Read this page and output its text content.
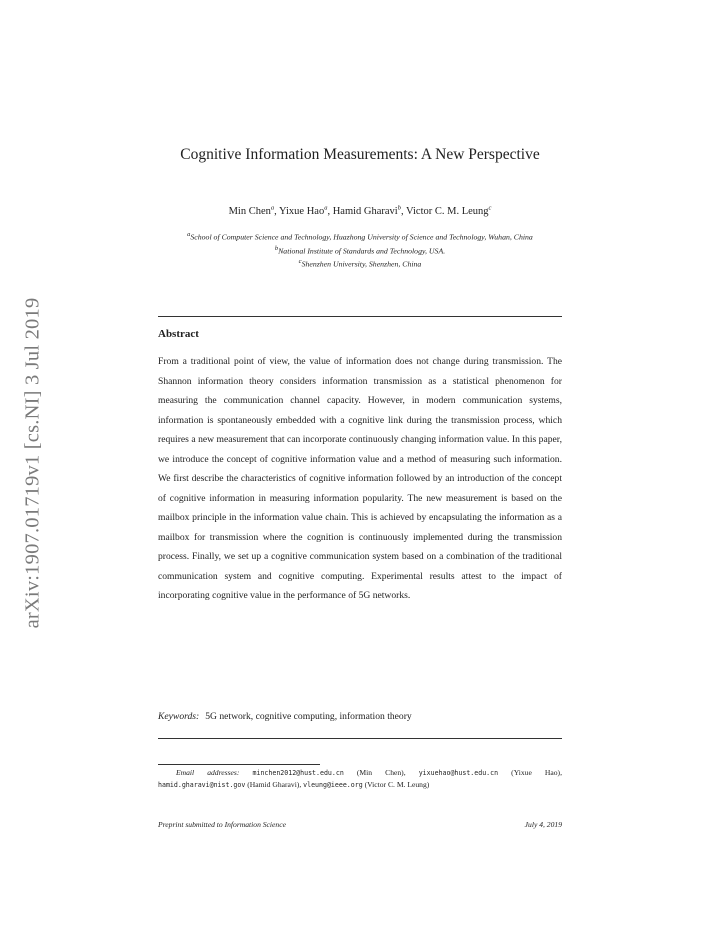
arXiv:1907.01719v1 [cs.NI] 3 Jul 2019
Cognitive Information Measurements: A New Perspective
Min Chen$^a$, Yixue Hao$^a$, Hamid Gharavi$^b$, Victor C. M. Leung$^c$
$^a$School of Computer Science and Technology, Huazhong University of Science and Technology, Wuhan, China
$^b$National Institute of Standards and Technology, USA.
$^c$Shenzhen University, Shenzhen, China
Abstract

From a traditional point of view, the value of information does not change during transmission. The Shannon information theory considers information transmission as a statistical phenomenon for measuring the communication channel capacity. However, in modern communication systems, information is spontaneously embedded with a cognitive link during the transmission process, which requires a new measurement that can incorporate continuously changing information value. In this paper, we introduce the concept of cognitive information value and a method of measuring such information. We first describe the characteristics of cognitive information followed by an introduction of the concept of cognitive information in measuring information popularity. The new measurement is based on the mailbox principle in the information value chain. This is achieved by encapsulating the information as a mailbox for transmission where the cognition is continuously implemented during the transmission process. Finally, we set up a cognitive communication system based on a combination of the traditional communication system and cognitive computing. Experimental results attest to the impact of incorporating cognitive value in the performance of 5G networks.

Keywords: 5G network, cognitive computing, information theory
Email addresses: minchen2012@hust.edu.cn (Min Chen), yixuehao@hust.edu.cn (Yixue Hao), hamid.gharavi@nist.gov (Hamid Gharavi), vleung@ieee.org (Victor C. M. Leung)
Preprint submitted to Information Science	July 4, 2019
